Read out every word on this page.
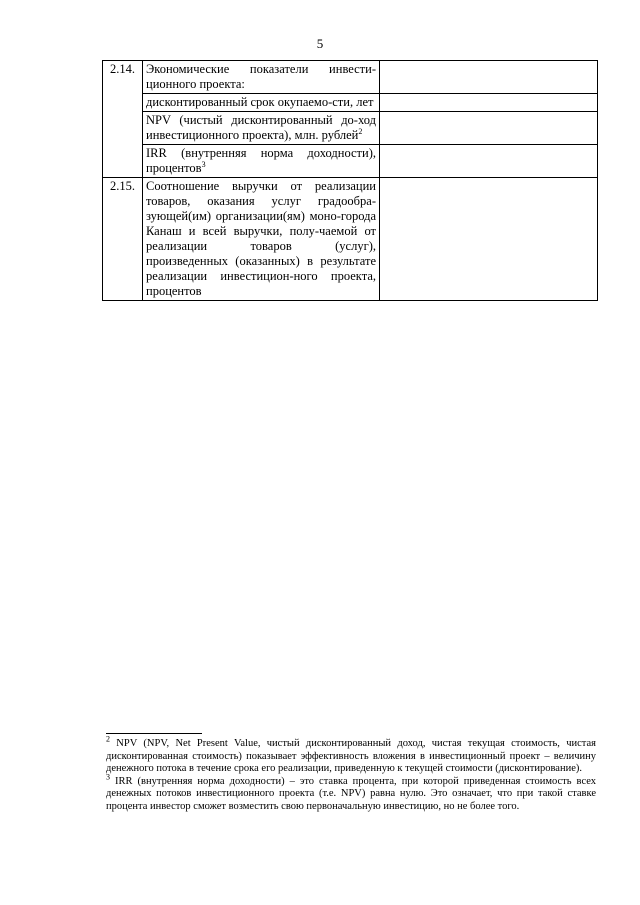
5
2.14.	Экономические показатели инвести-ционного проекта:	
	дисконтированный срок окупаемо-сти, лет	
	NPV (чистый дисконтированный до-ход инвестиционного проекта), млн. рублей$^2$	
	IRR (внутренняя норма доходности), процентов$^3$	
2.15.	Соотношение выручки от реализации товаров, оказания услуг градообра-зующей(им) организации(ям) моно-города Канаш и всей выручки, полу-чаемой от реализации товаров (услуг), произведенных (оказанных) в результате реализации инвестицион-ного проекта, процентов	

$^2$ NPV (NPV, Net Present Value, чистый дисконтированный доход, чистая текущая стоимость, чистая дисконтированная стоимость) показывает эффективность вложения в инвестиционный проект – величину денежного потока в течение срока его реализации, приведенную к текущей стоимости (дисконтирование).

$^3$ IRR (внутренняя норма доходности) – это ставка процента, при которой приведенная стоимость всех денежных потоков инвестиционного проекта (т.е. NPV) равна нулю. Это означает, что при такой ставке процента инвестор сможет возместить свою первоначальную инвестицию, но не более того.
